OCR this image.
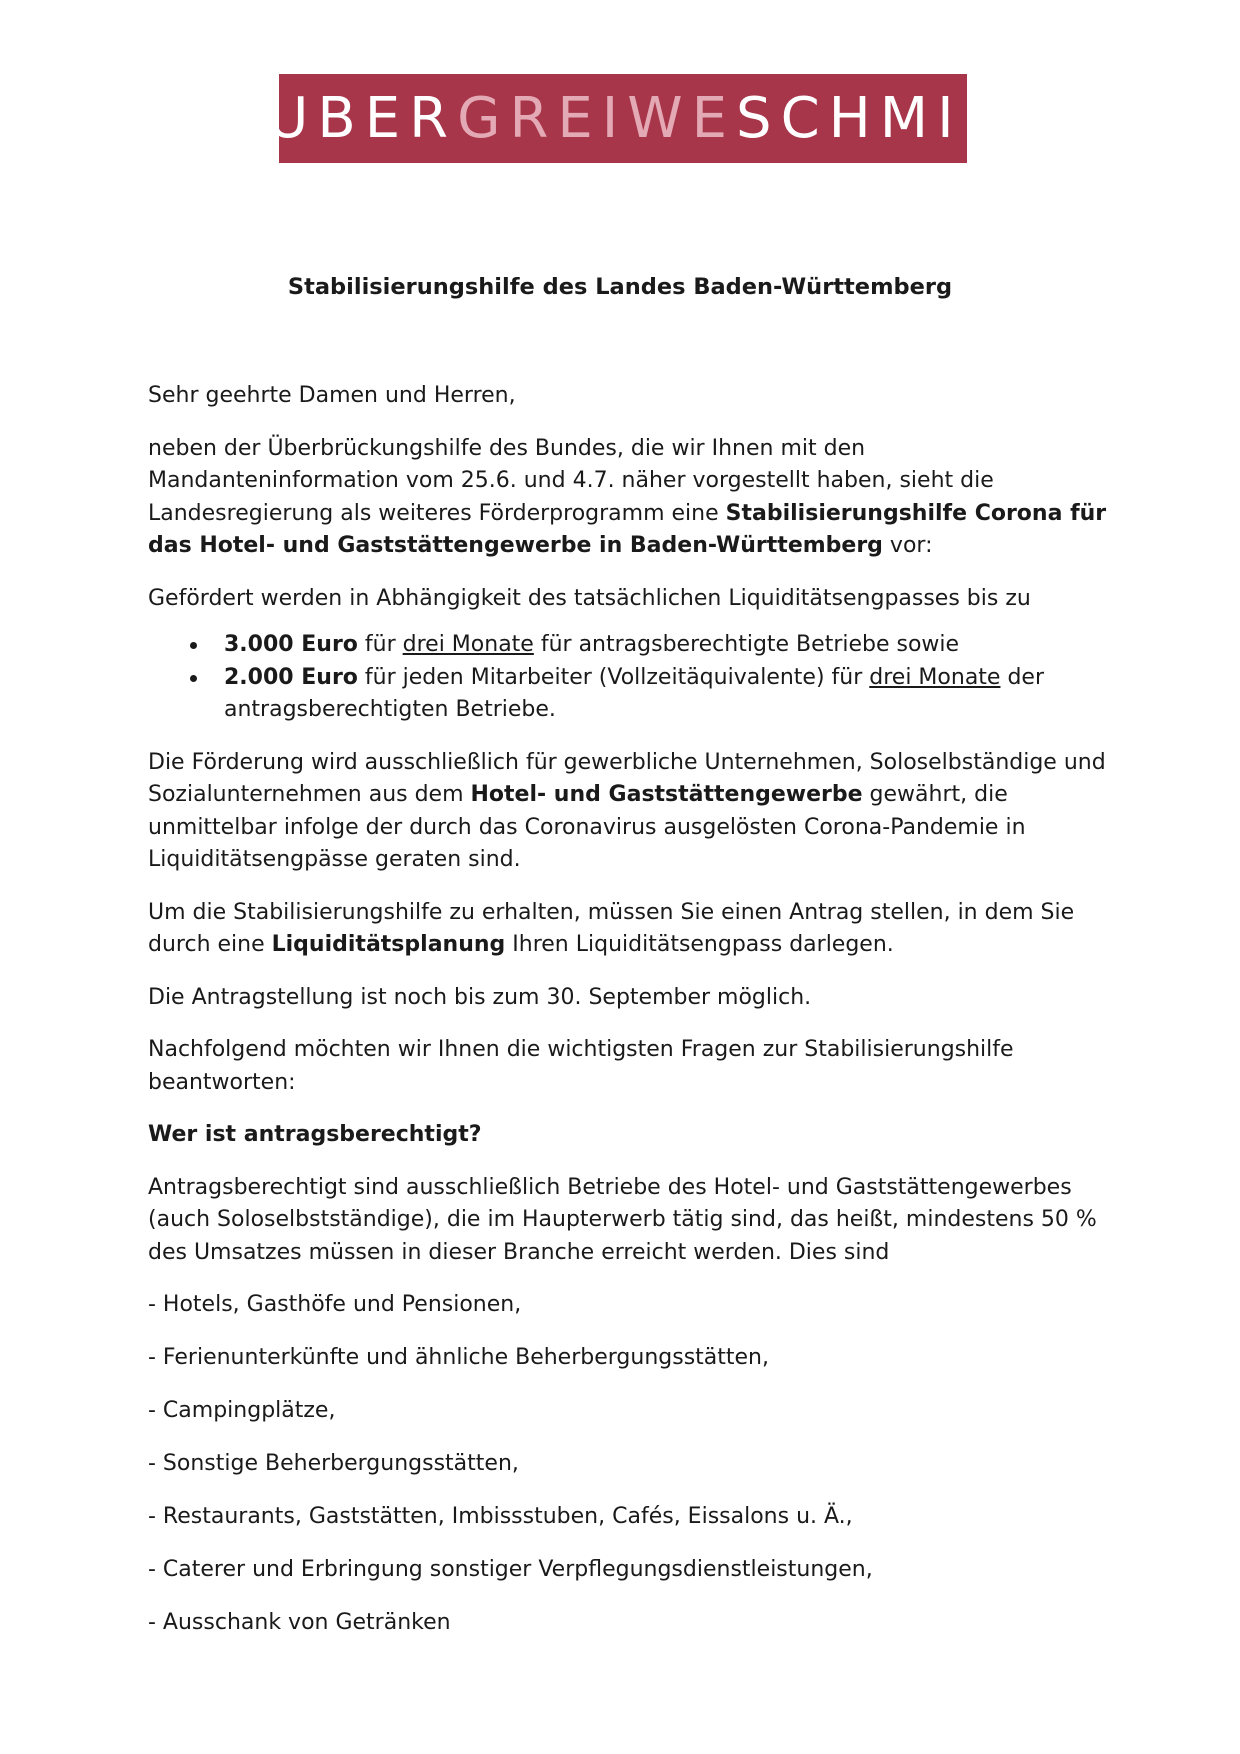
HUBERGREIWESCHMID
Stabilisierungshilfe des Landes Baden-Württemberg

Sehr geehrte Damen und Herren,

neben der Überbrückungshilfe des Bundes, die wir Ihnen mit den Mandanteninformation vom 25.6. und 4.7. näher vorgestellt haben, sieht die Landesregierung als weiteres Förderprogramm eine Stabilisierungshilfe Corona für das Hotel- und Gaststättengewerbe in Baden-Württemberg vor:

Gefördert werden in Abhängigkeit des tatsächlichen Liquiditätsengpasses bis zu

3.000 Euro für drei Monate für antragsberechtigte Betriebe sowie
2.000 Euro für jeden Mitarbeiter (Vollzeitäquivalente) für drei Monate der antragsberechtigten Betriebe.

Die Förderung wird ausschließlich für gewerbliche Unternehmen, Soloselbständige und Sozialunternehmen aus dem Hotel- und Gaststättengewerbe gewährt, die unmittelbar infolge der durch das Coronavirus ausgelösten Corona-Pandemie in Liquiditätsengpässe geraten sind.

Um die Stabilisierungshilfe zu erhalten, müssen Sie einen Antrag stellen, in dem Sie durch eine Liquiditätsplanung Ihren Liquiditätsengpass darlegen.

Die Antragstellung ist noch bis zum 30. September möglich.

Nachfolgend möchten wir Ihnen die wichtigsten Fragen zur Stabilisierungshilfe beantworten:

Wer ist antragsberechtigt?

Antragsberechtigt sind ausschließlich Betriebe des Hotel- und Gaststättengewerbes (auch Soloselbstständige), die im Haupterwerb tätig sind, das heißt, mindestens 50 % des Umsatzes müssen in dieser Branche erreicht werden. Dies sind

- Hotels, Gasthöfe und Pensionen,

- Ferienunterkünfte und ähnliche Beherbergungsstätten,

- Campingplätze,

- Sonstige Beherbergungsstätten,

- Restaurants, Gaststätten, Imbissstuben, Cafés, Eissalons u. Ä.,

- Caterer und Erbringung sonstiger Verpflegungsdienstleistungen,

- Ausschank von Getränken
